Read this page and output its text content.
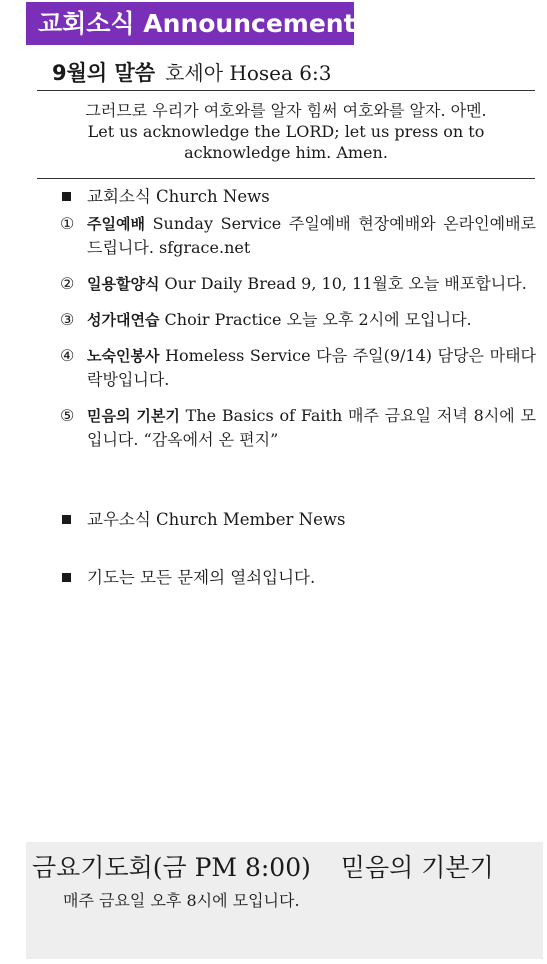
교회소식 Announcement
9월의 말씀 호세아 Hosea 6:3
그러므로 우리가 여호와를 알자 힘써 여호와를 알자. 아멘.
Let us acknowledge the LORD; let us press on to
acknowledge him. Amen.
교회소식 Church News
① 주일예배 Sunday Service 주일예배 현장예배와 온라인예배로 드립니다. sfgrace.net
② 일용할양식 Our Daily Bread 9, 10, 11월호 오늘 배포합니다.
③ 성가대연습 Choir Practice 오늘 오후 2시에 모입니다.
④ 노숙인봉사 Homeless Service 다음 주일(9/14) 담당은 마태다락방입니다.
⑤ 믿음의 기본기 The Basics of Faith 매주 금요일 저녁 8시에 모입니다. “감옥에서 온 편지”
교우소식 Church Member News
기도는 모든 문제의 열쇠입니다.
금요기도회(금 PM 8:00) 믿음의 기본기
매주 금요일 오후 8시에 모입니다.
